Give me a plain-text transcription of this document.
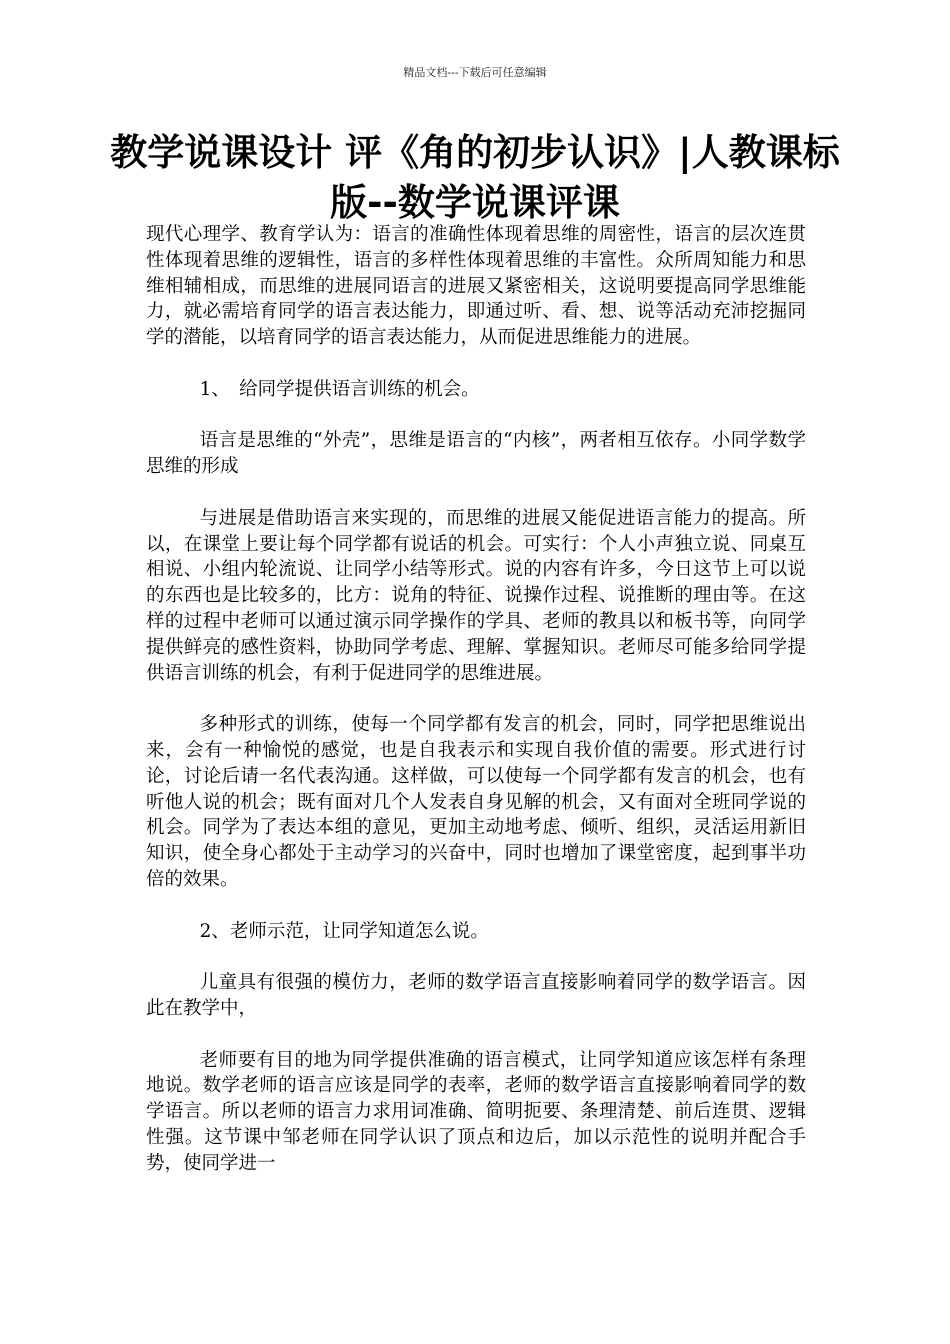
精品文档---下载后可任意编辑
教学说课设计 评《角的初步认识》|人教课标版--数学说课评课

现代心理学、教育学认为：语言的准确性体现着思维的周密性，语言的层次连贯性体现着思维的逻辑性，语言的多样性体现着思维的丰富性。众所周知能力和思维相辅相成，而思维的进展同语言的进展又紧密相关，这说明要提高同学思维能力，就必需培育同学的语言表达能力，即通过听、看、想、说等活动充沛挖掘同学的潜能，以培育同学的语言表达能力，从而促进思维能力的进展。

1、　给同学提供语言训练的机会。

语言是思维的“外壳”，思维是语言的“内核”，两者相互依存。小同学数学思维的形成

与进展是借助语言来实现的，而思维的进展又能促进语言能力的提高。所以，在课堂上要让每个同学都有说话的机会。可实行：个人小声独立说、同桌互相说、小组内轮流说、让同学小结等形式。说的内容有许多，今日这节上可以说的东西也是比较多的，比方：说角的特征、说操作过程、说推断的理由等。在这样的过程中老师可以通过演示同学操作的学具、老师的教具以和板书等，向同学提供鲜亮的感性资料，协助同学考虑、理解、掌握知识。老师尽可能多给同学提供语言训练的机会，有利于促进同学的思维进展。

多种形式的训练，使每一个同学都有发言的机会，同时，同学把思维说出来，会有一种愉悦的感觉，也是自我表示和实现自我价值的需要。形式进行讨论，讨论后请一名代表沟通。这样做，可以使每一个同学都有发言的机会，也有听他人说的机会；既有面对几个人发表自身见解的机会，又有面对全班同学说的机会。同学为了表达本组的意见，更加主动地考虑、倾听、组织，灵活运用新旧知识，使全身心都处于主动学习的兴奋中，同时也增加了课堂密度，起到事半功倍的效果。

2、老师示范，让同学知道怎么说。

儿童具有很强的模仿力，老师的数学语言直接影响着同学的数学语言。因此在教学中，

老师要有目的地为同学提供准确的语言模式，让同学知道应该怎样有条理地说。数学老师的语言应该是同学的表率，老师的数学语言直接影响着同学的数学语言。所以老师的语言力求用词准确、简明扼要、条理清楚、前后连贯、逻辑性强。这节课中邹老师在同学认识了顶点和边后，加以示范性的说明并配合手势，使同学进一
